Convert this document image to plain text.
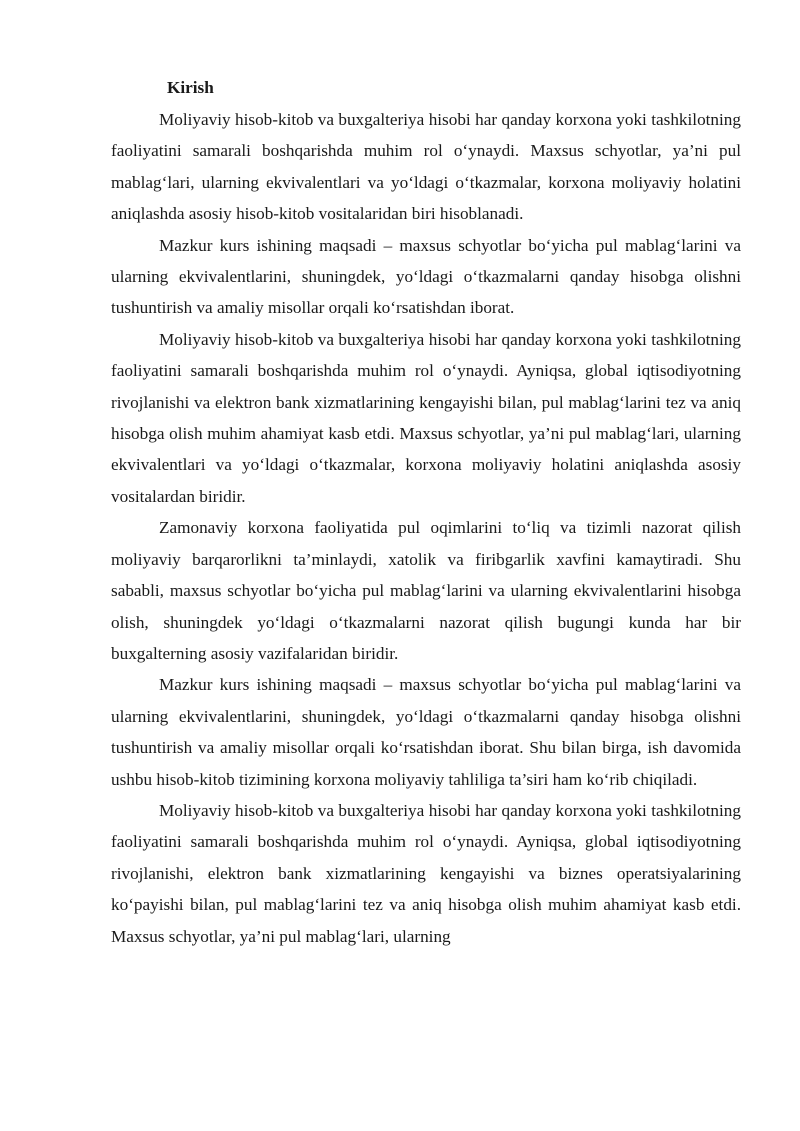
Kirish

Moliyaviy hisob-kitob va buxgalteriya hisobi har qanday korxona yoki tashkilotning faoliyatini samarali boshqarishda muhim rol o‘ynaydi. Maxsus schyotlar, ya’ni pul mablag‘lari, ularning ekvivalentlari va yo‘ldagi o‘tkazmalar, korxona moliyaviy holatini aniqlashda asosiy hisob-kitob vositalaridan biri hisoblanadi.

Mazkur kurs ishining maqsadi – maxsus schyotlar bo‘yicha pul mablag‘larini va ularning ekvivalentlarini, shuningdek, yo‘ldagi o‘tkazmalarni qanday hisobga olishni tushuntirish va amaliy misollar orqali ko‘rsatishdan iborat.

Moliyaviy hisob-kitob va buxgalteriya hisobi har qanday korxona yoki tashkilotning faoliyatini samarali boshqarishda muhim rol o‘ynaydi. Ayniqsa, global iqtisodiyotning rivojlanishi va elektron bank xizmatlarining kengayishi bilan, pul mablag‘larini tez va aniq hisobga olish muhim ahamiyat kasb etdi. Maxsus schyotlar, ya’ni pul mablag‘lari, ularning ekvivalentlari va yo‘ldagi o‘tkazmalar, korxona moliyaviy holatini aniqlashda asosiy vositalardan biridir.

Zamonaviy korxona faoliyatida pul oqimlarini to‘liq va tizimli nazorat qilish moliyaviy barqarorlikni ta’minlaydi, xatolik va firibgarlik xavfini kamaytiradi. Shu sababli, maxsus schyotlar bo‘yicha pul mablag‘larini va ularning ekvivalentlarini hisobga olish, shuningdek yo‘ldagi o‘tkazmalarni nazorat qilish bugungi kunda har bir buxgalterning asosiy vazifalaridan biridir.

Mazkur kurs ishining maqsadi – maxsus schyotlar bo‘yicha pul mablag‘larini va ularning ekvivalentlarini, shuningdek, yo‘ldagi o‘tkazmalarni qanday hisobga olishni tushuntirish va amaliy misollar orqali ko‘rsatishdan iborat. Shu bilan birga, ish davomida ushbu hisob-kitob tizimining korxona moliyaviy tahliliga ta’siri ham ko‘rib chiqiladi.

Moliyaviy hisob-kitob va buxgalteriya hisobi har qanday korxona yoki tashkilotning faoliyatini samarali boshqarishda muhim rol o‘ynaydi. Ayniqsa, global iqtisodiyotning rivojlanishi, elektron bank xizmatlarining kengayishi va biznes operatsiyalarining ko‘payishi bilan, pul mablag‘larini tez va aniq hisobga olish muhim ahamiyat kasb etdi. Maxsus schyotlar, ya’ni pul mablag‘lari, ularning
